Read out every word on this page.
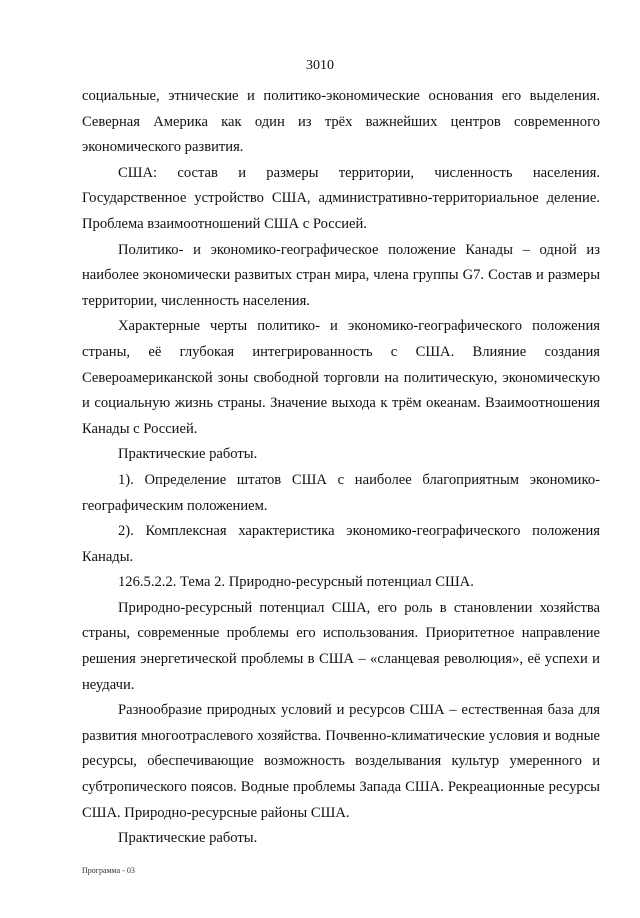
3010

социальные, этнические и политико-экономические основания его выделения. Северная Америка как один из трёх важнейших центров современного экономического развития.

США: состав и размеры территории, численность населения. Государственное устройство США, административно-территориальное деление. Проблема взаимоотношений США с Россией.

Политико- и экономико-географическое положение Канады – одной из наиболее экономически развитых стран мира, члена группы G7. Состав и размеры территории, численность населения.

Характерные черты политико- и экономико-географического положения страны, её глубокая интегрированность с США. Влияние создания Североамериканской зоны свободной торговли на политическую, экономическую и социальную жизнь страны. Значение выхода к трём океанам. Взаимоотношения Канады с Россией.

Практические работы.

1). Определение штатов США с наиболее благоприятным экономико-географическим положением.

2). Комплексная характеристика экономико-географического положения Канады.

126.5.2.2. Тема 2. Природно-ресурсный потенциал США.

Природно-ресурсный потенциал США, его роль в становлении хозяйства страны, современные проблемы его использования. Приоритетное направление решения энергетической проблемы в США – «сланцевая революция», её успехи и неудачи.

Разнообразие природных условий и ресурсов США – естественная база для развития многоотраслевого хозяйства. Почвенно-климатические условия и водные ресурсы, обеспечивающие возможность возделывания культур умеренного и субтропического поясов. Водные проблемы Запада США. Рекреационные ресурсы США. Природно-ресурсные районы США.

Практические работы.

Программа - 03
